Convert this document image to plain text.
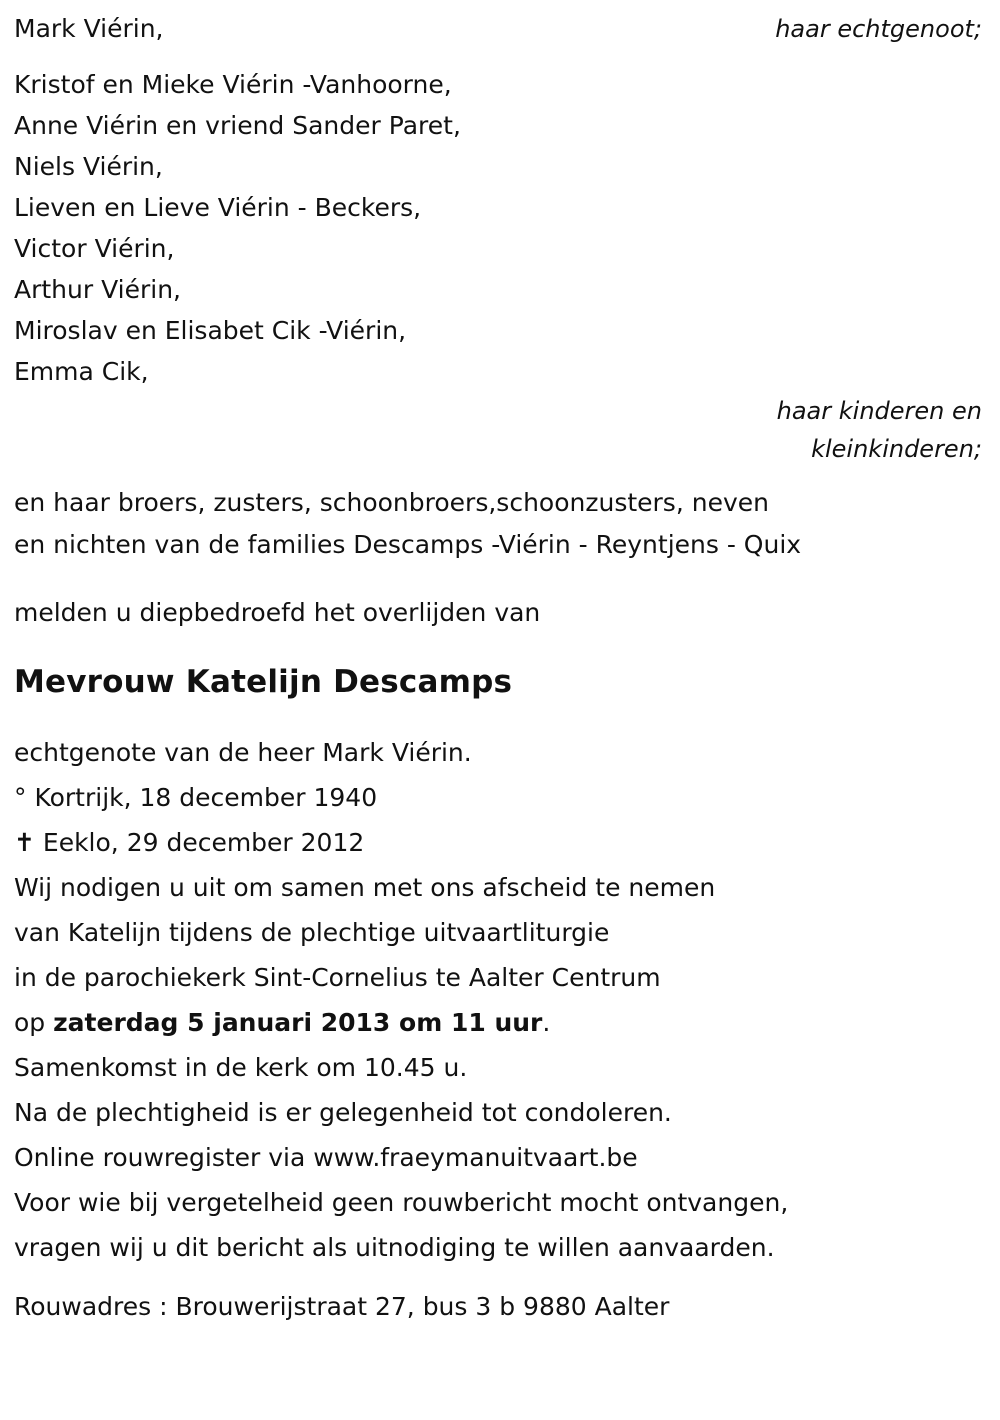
Mark Viérin,	haar echtgenoot;
Kristof en Mieke Viérin -Vanhoorne,
Anne Viérin en vriend Sander Paret,
Niels Viérin,
Lieven en Lieve Viérin - Beckers,
Victor Viérin,
Arthur Viérin,
Miroslav en Elisabet Cik -Viérin,
Emma Cik,
haar kinderen en
kleinkinderen;
en haar broers, zusters, schoonbroers,schoonzusters, neven
en nichten van de families Descamps -Viérin - Reyntjens - Quix
melden u diepbedroefd het overlijden van
Mevrouw Katelijn Descamps
echtgenote van de heer Mark Viérin.
° Kortrijk, 18 december 1940
✝ Eeklo, 29 december 2012
Wij nodigen u uit om samen met ons afscheid te nemen
van Katelijn tijdens de plechtige uitvaartliturgie
in de parochiekerk Sint-Cornelius te Aalter Centrum
op zaterdag 5 januari 2013 om 11 uur.
Samenkomst in de kerk om 10.45 u.
Na de plechtigheid is er gelegenheid tot condoleren.
Online rouwregister via www.fraeymanuitvaart.be
Voor wie bij vergetelheid geen rouwbericht mocht ontvangen,
vragen wij u dit bericht als uitnodiging te willen aanvaarden.
Rouwadres : Brouwerijstraat 27, bus 3 b 9880 Aalter
